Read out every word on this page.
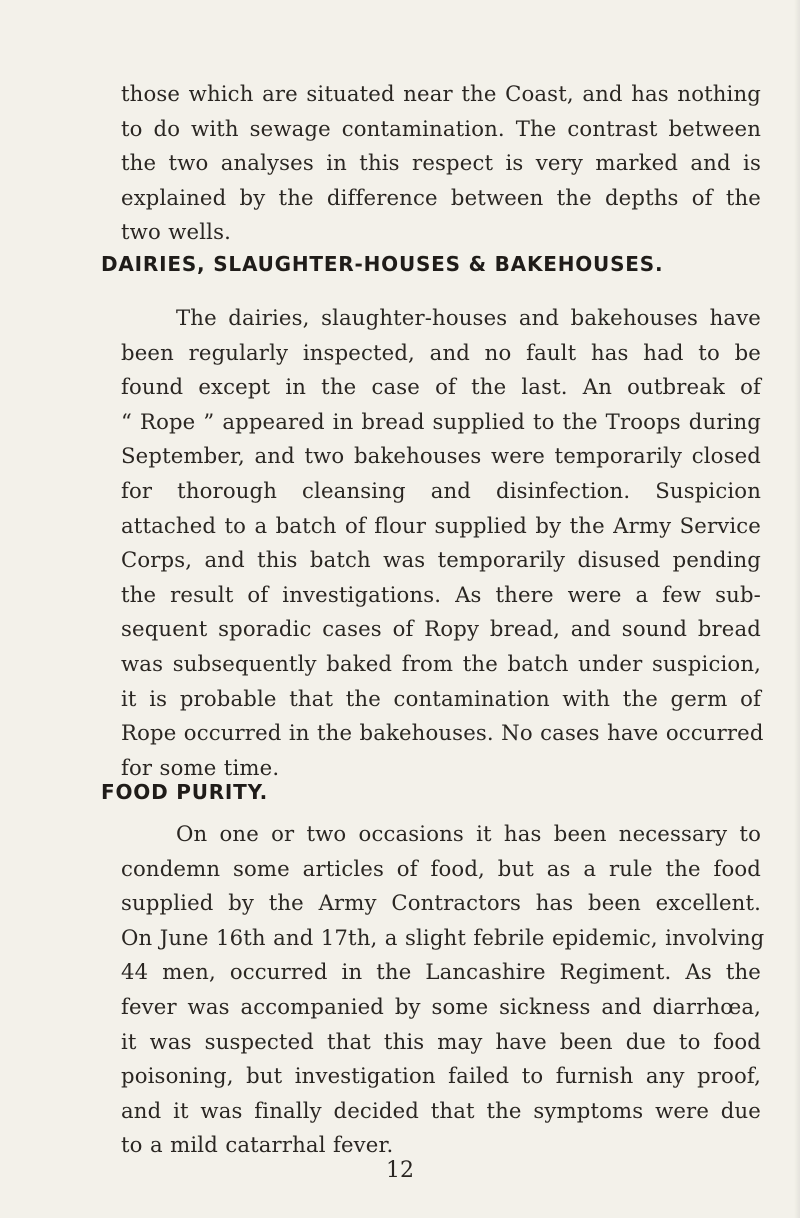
those which are situated near the Coast, and has nothing
to do with sewage contamination. The contrast between
the two analyses in this respect is very marked and is
explained by the difference between the depths of the
two wells.
DAIRIES, SLAUGHTER-HOUSES & BAKEHOUSES.
The dairies, slaughter-houses and bakehouses have
been regularly inspected, and no fault has had to be
found except in the case of the last. An outbreak of
“ Rope ” appeared in bread supplied to the Troops during
September, and two bakehouses were temporarily closed
for thorough cleansing and disinfection. Suspicion
attached to a batch of flour supplied by the Army Service
Corps, and this batch was temporarily disused pending
the result of investigations. As there were a few sub-
sequent sporadic cases of Ropy bread, and sound bread
was subsequently baked from the batch under suspicion,
it is probable that the contamination with the germ of
Rope occurred in the bakehouses. No cases have occurred
for some time.
FOOD PURITY.
On one or two occasions it has been necessary to
condemn some articles of food, but as a rule the food
supplied by the Army Contractors has been excellent.
On June 16th and 17th, a slight febrile epidemic, involving
44 men, occurred in the Lancashire Regiment. As the
fever was accompanied by some sickness and diarrhœa,
it was suspected that this may have been due to food
poisoning, but investigation failed to furnish any proof,
and it was finally decided that the symptoms were due
to a mild catarrhal fever.
12
